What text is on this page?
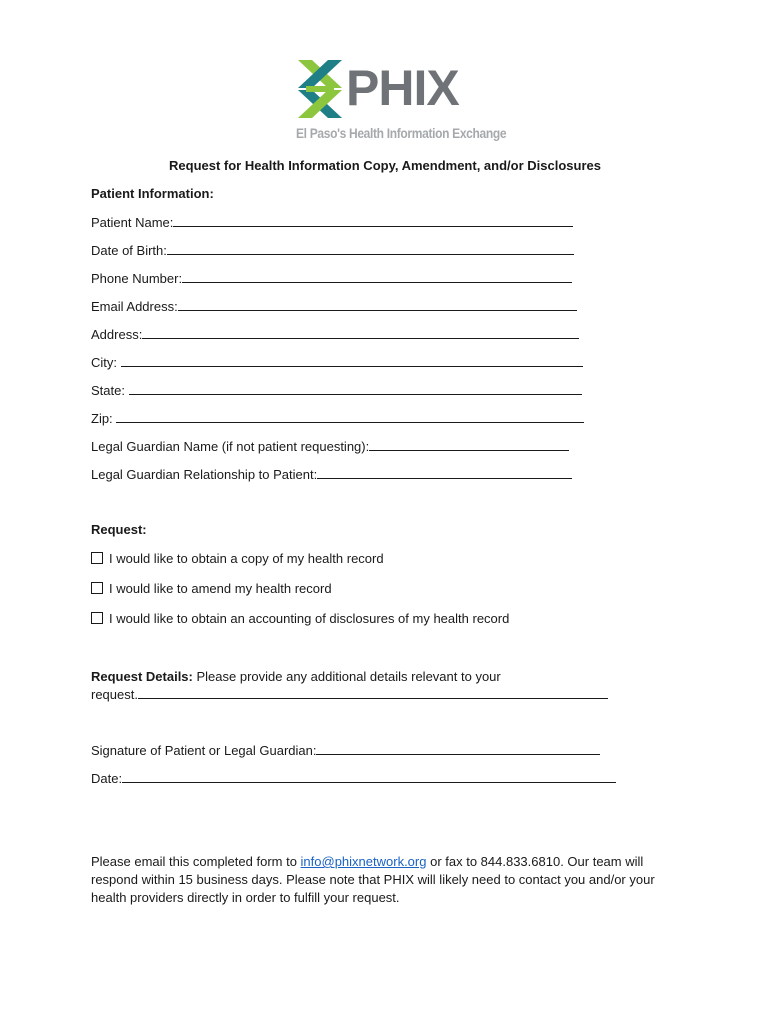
PHIX
El Paso's Health Information Exchange
Request for Health Information Copy, Amendment, and/or Disclosures
Patient Information:
Patient Name:
Date of Birth:
Phone Number:
Email Address:
Address:
City:
State:
Zip:
Legal Guardian Name (if not patient requesting):
Legal Guardian Relationship to Patient:
Request:
I would like to obtain a copy of my health record
I would like to amend my health record
I would like to obtain an accounting of disclosures of my health record
Request Details: Please provide any additional details relevant to your
request.
Signature of Patient or Legal Guardian:
Date:
Please email this completed form to info@phixnetwork.org or fax to 844.833.6810. Our team will respond within 15 business days. Please note that PHIX will likely need to contact you and/or your health providers directly in order to fulfill your request.
